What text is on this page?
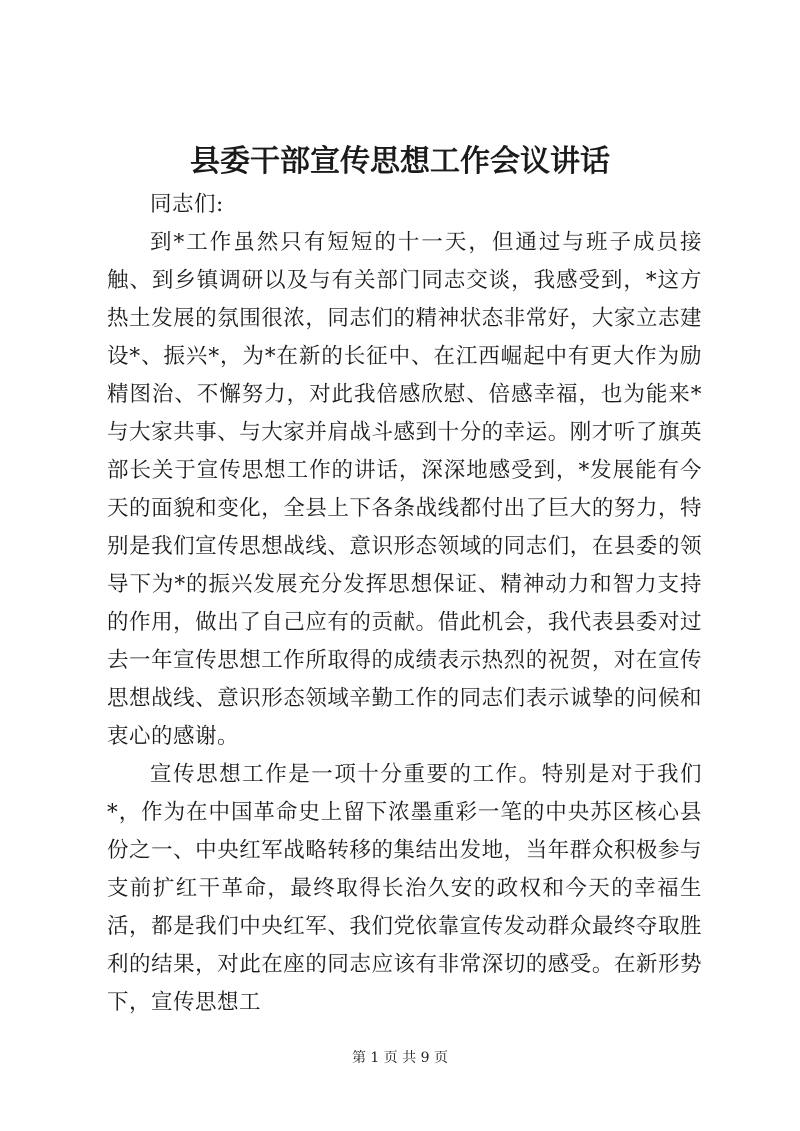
县委干部宣传思想工作会议讲话

同志们:

到*工作虽然只有短短的十一天，但通过与班子成员接触、到乡镇调研以及与有关部门同志交谈，我感受到，*这方热土发展的氛围很浓，同志们的精神状态非常好，大家立志建设*、振兴*，为*在新的长征中、在江西崛起中有更大作为励精图治、不懈努力，对此我倍感欣慰、倍感幸福，也为能来*与大家共事、与大家并肩战斗感到十分的幸运。刚才听了旗英部长关于宣传思想工作的讲话，深深地感受到，*发展能有今天的面貌和变化，全县上下各条战线都付出了巨大的努力，特别是我们宣传思想战线、意识形态领域的同志们，在县委的领导下为*的振兴发展充分发挥思想保证、精神动力和智力支持的作用，做出了自己应有的贡献。借此机会，我代表县委对过去一年宣传思想工作所取得的成绩表示热烈的祝贺，对在宣传思想战线、意识形态领域辛勤工作的同志们表示诚挚的问候和衷心的感谢。

宣传思想工作是一项十分重要的工作。特别是对于我们*，作为在中国革命史上留下浓墨重彩一笔的中央苏区核心县份之一、中央红军战略转移的集结出发地，当年群众积极参与支前扩红干革命，最终取得长治久安的政权和今天的幸福生活，都是我们中央红军、我们党依靠宣传发动群众最终夺取胜利的结果，对此在座的同志应该有非常深切的感受。在新形势下，宣传思想工

第 1 页 共 9 页
